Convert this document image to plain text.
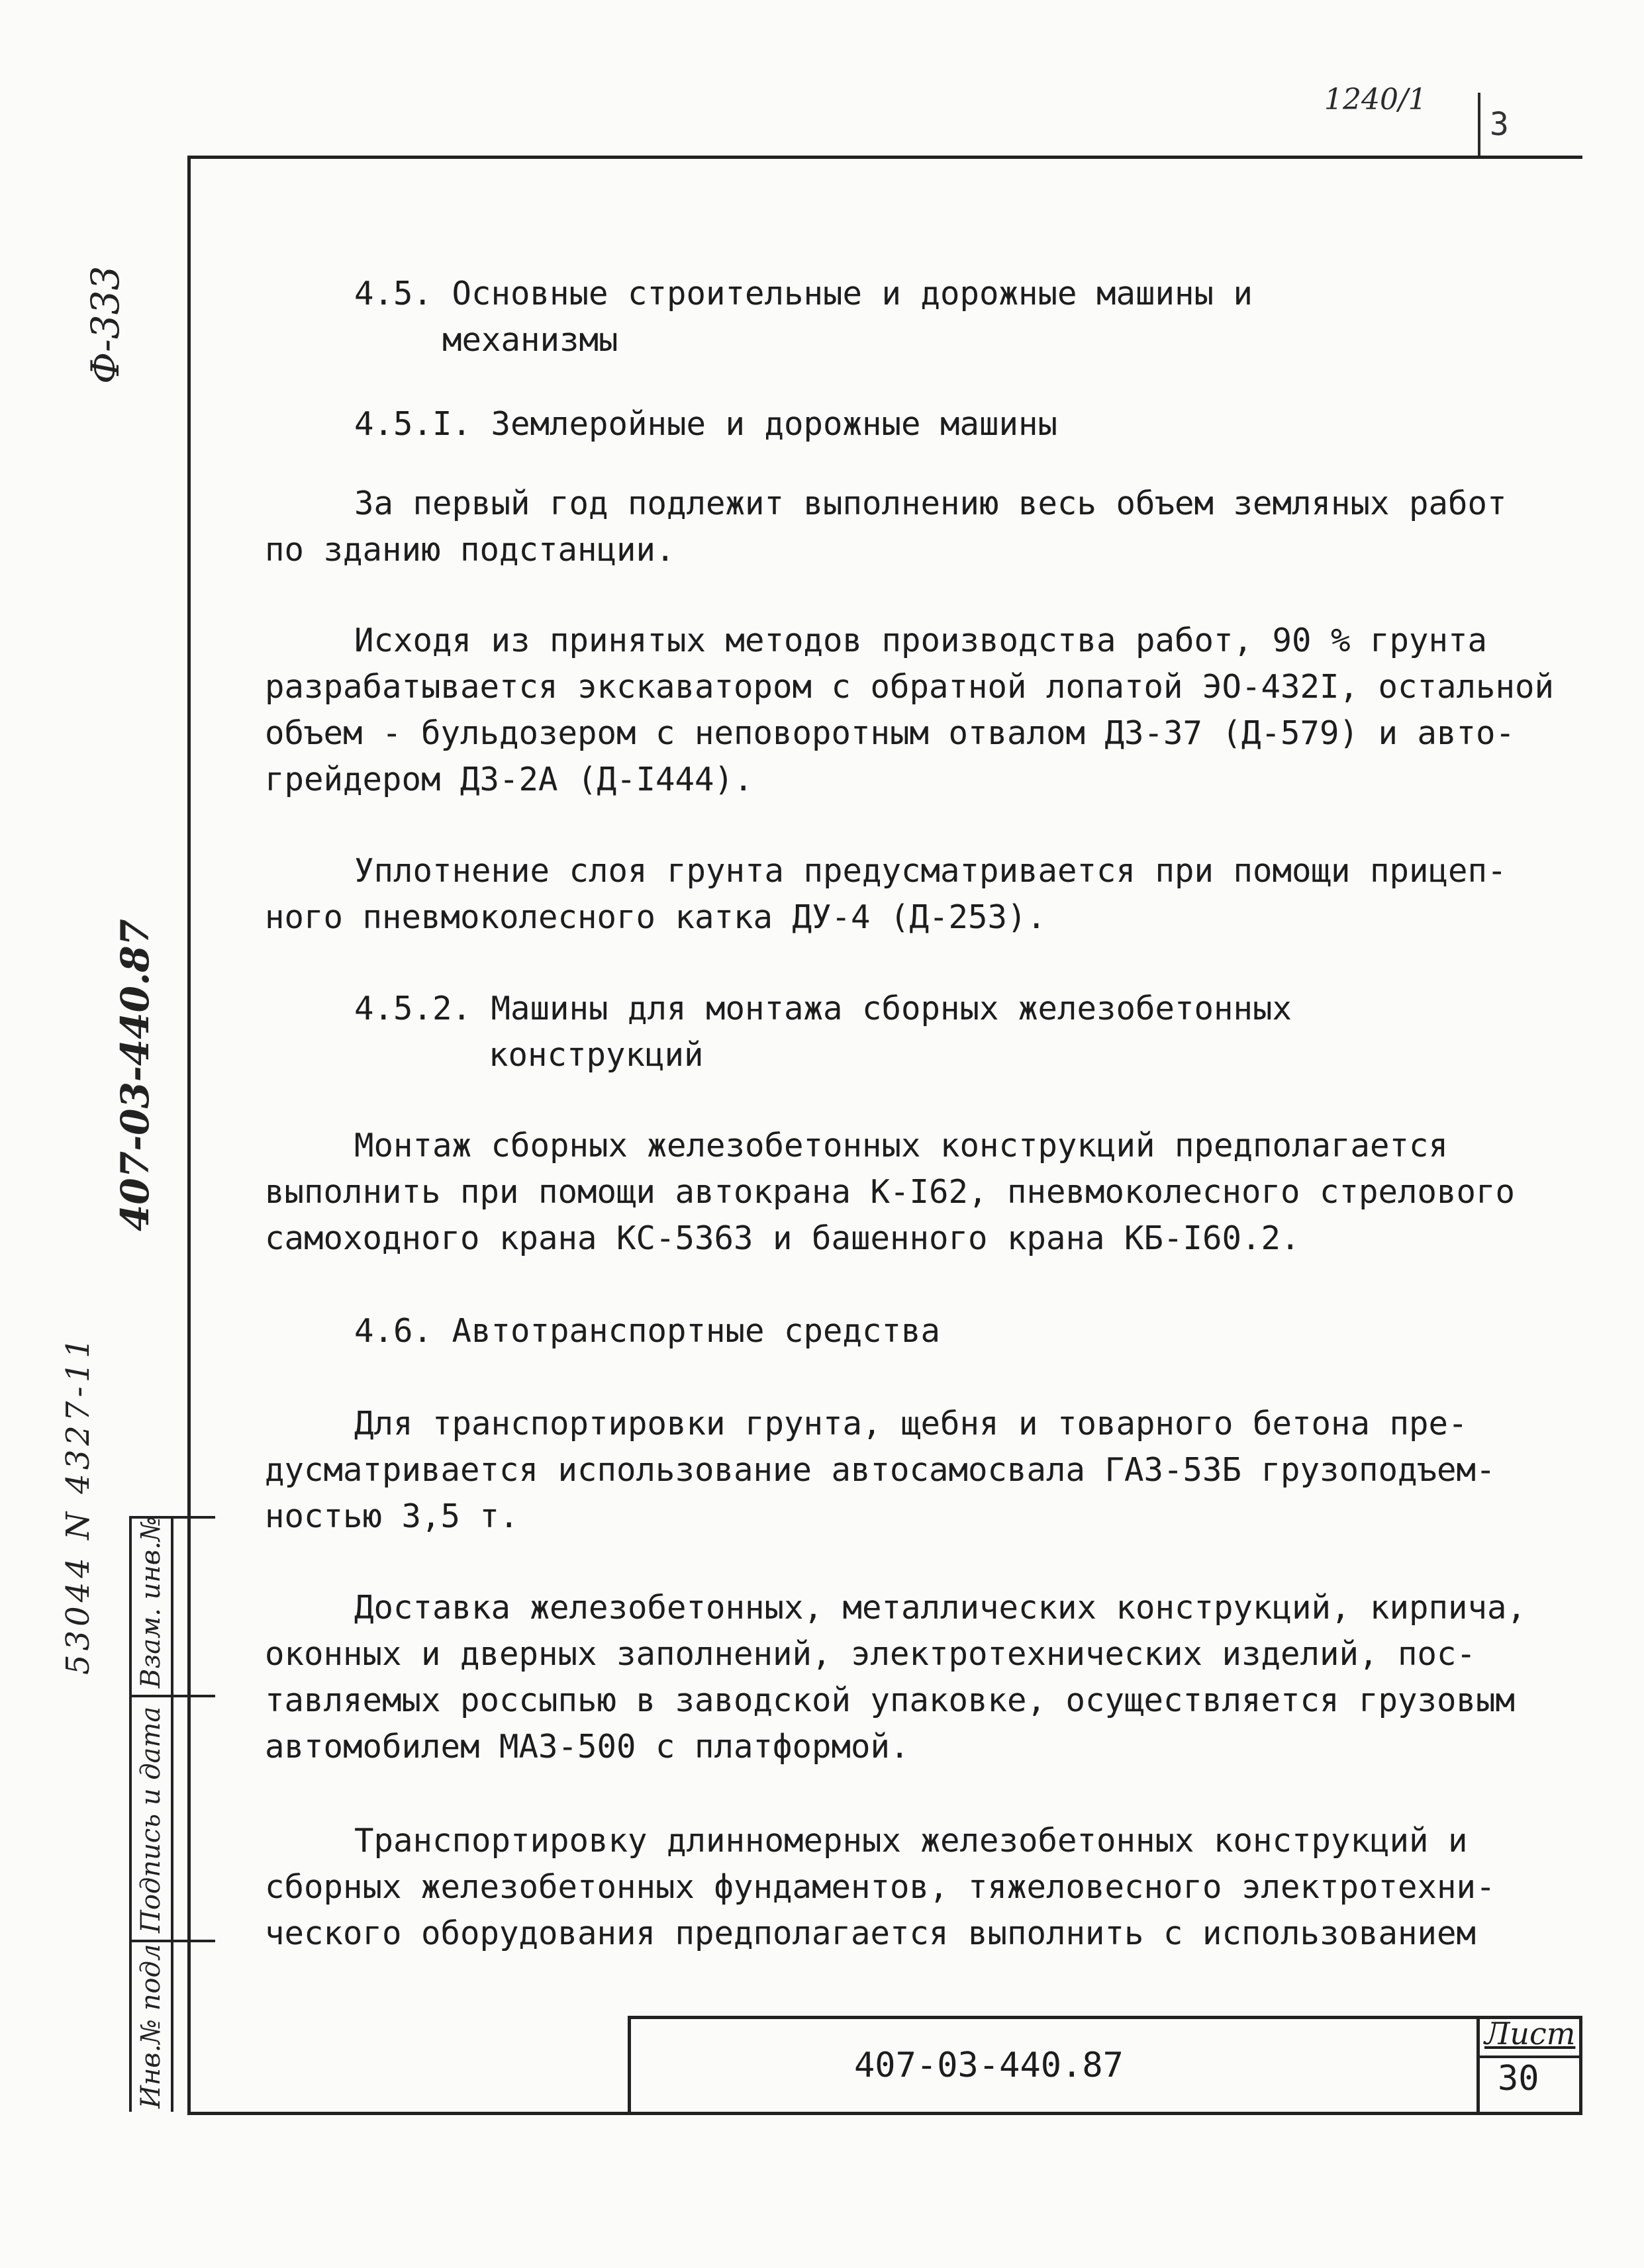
1240/1
3
Ф-333
407-03-440.87
53044 N 4327-11
Инв.№ подл
Подпись и дата
Взам. инв.№
4.5. Основные строительные и дорожные машины и
механизмы
4.5.I. Землеройные и дорожные машины
За первый год подлежит выполнению весь объем земляных работ
по зданию подстанции.
Исходя из принятых методов производства работ, 90 % грунта
разрабатывается экскаватором с обратной лопатой ЭО-432I, остальной
объем - бульдозером с неповоротным отвалом ДЗ-37 (Д-579) и авто-
грейдером ДЗ-2А (Д-I444).
Уплотнение слоя грунта предусматривается при помощи прицеп-
ного пневмоколесного катка ДУ-4 (Д-253).
4.5.2. Машины для монтажа сборных железобетонных
конструкций
Монтаж сборных железобетонных конструкций предполагается
выполнить при помощи автокрана К-I62, пневмоколесного стрелового
самоходного крана КС-5363 и башенного крана КБ-I60.2.
4.6. Автотранспортные средства
Для транспортировки грунта, щебня и товарного бетона пре-
дусматривается использование автосамосвала ГАЗ-53Б грузоподъем-
ностью 3,5 т.
Доставка железобетонных, металлических конструкций, кирпича,
оконных и дверных заполнений, электротехнических изделий, пос-
тавляемых россыпью в заводской упаковке, осуществляется грузовым
автомобилем МАЗ-500 с платформой.
Транспортировку длинномерных железобетонных конструкций и
сборных железобетонных фундаментов, тяжеловесного электротехни-
ческого оборудования предполагается выполнить с использованием
407-03-440.87
Лист
30
